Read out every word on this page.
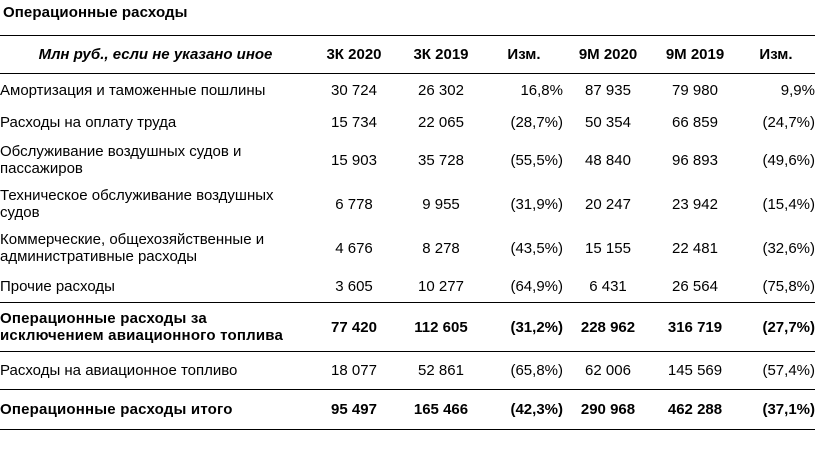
Операционные расходы
Млн руб., если не указано иное	3К 2020	3К 2019	Изм.	9М 2020	9М 2019	Изм.
Амортизация и таможенные пошлины	30 724	26 302	16,8%	87 935	79 980	9,9%
Расходы на оплату труда	15 734	22 065	(28,7%)	50 354	66 859	(24,7%)
Обслуживание воздушных судов и пассажиров	15 903	35 728	(55,5%)	48 840	96 893	(49,6%)
Техническое обслуживание воздушных судов	6 778	9 955	(31,9%)	20 247	23 942	(15,4%)
Коммерческие, общехозяйственные и административные расходы	4 676	8 278	(43,5%)	15 155	22 481	(32,6%)
Прочие расходы	3 605	10 277	(64,9%)	6 431	26 564	(75,8%)
Операционные расходы за исключением авиационного топлива	77 420	112 605	(31,2%)	228 962	316 719	(27,7%)
Расходы на авиационное топливо	18 077	52 861	(65,8%)	62 006	145 569	(57,4%)
Операционные расходы итого	95 497	165 466	(42,3%)	290 968	462 288	(37,1%)
